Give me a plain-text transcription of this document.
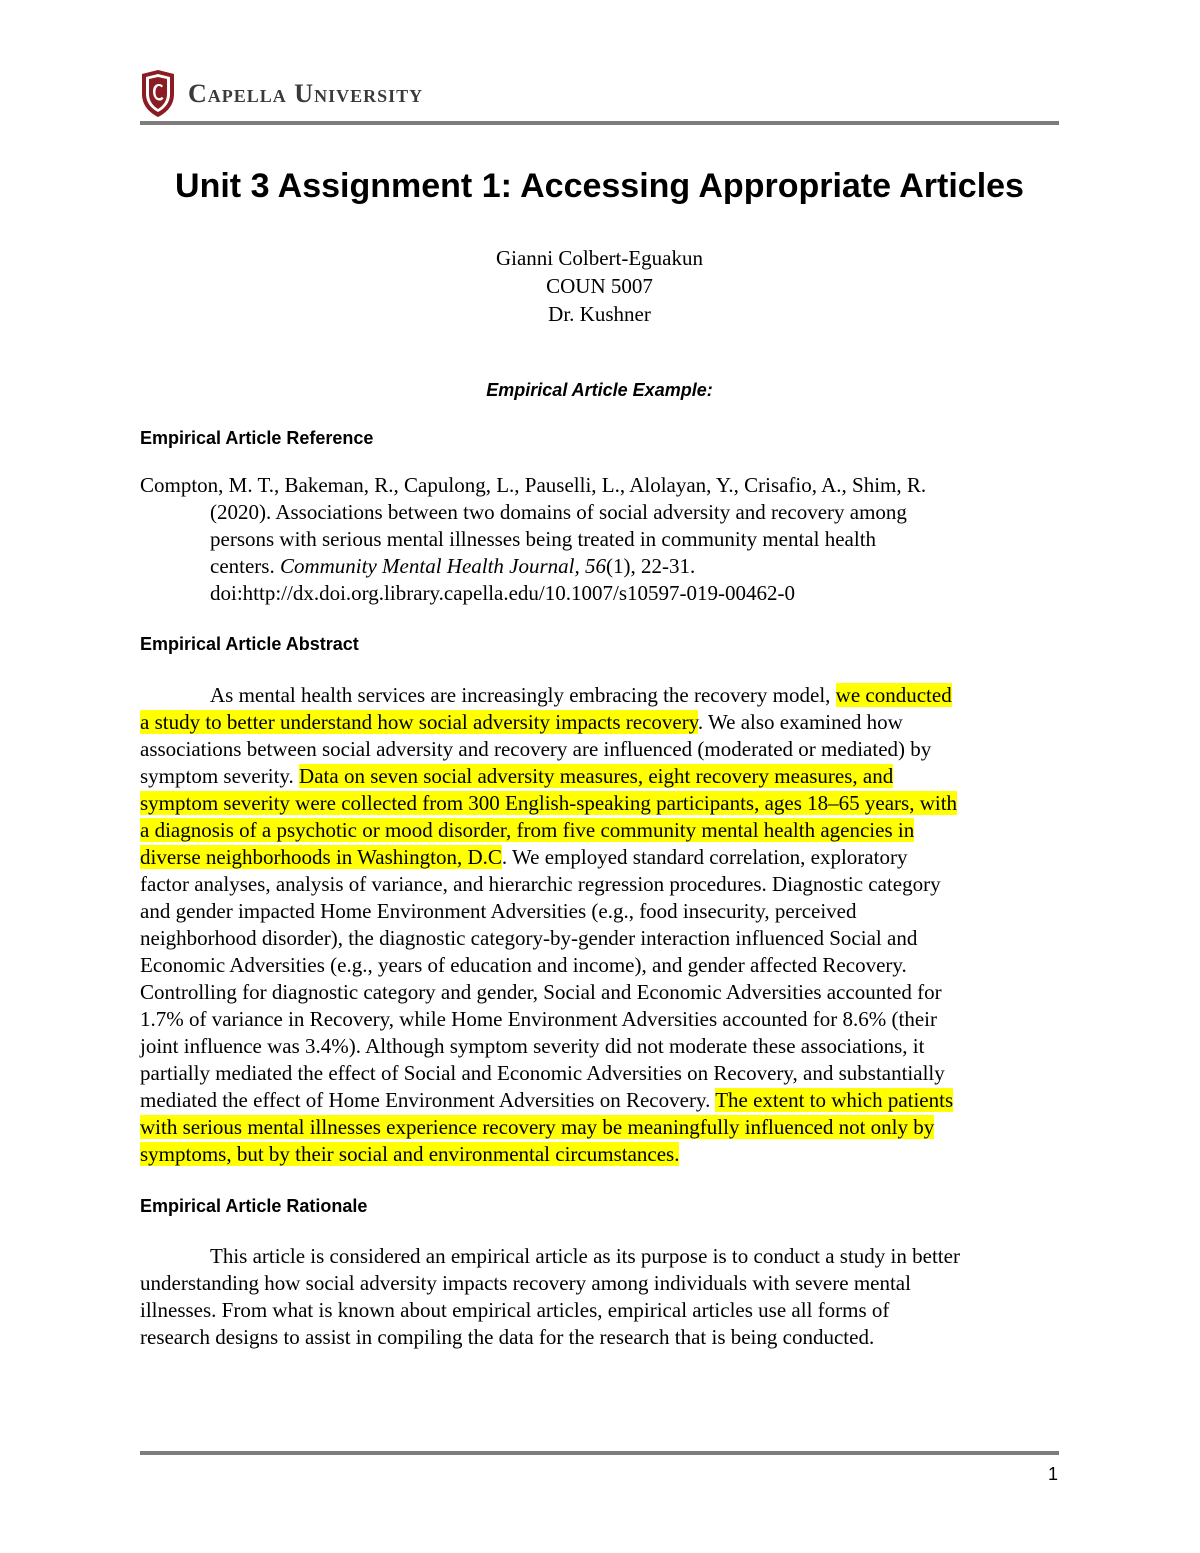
Capella University
Unit 3 Assignment 1: Accessing Appropriate Articles
Gianni Colbert-Eguakun
COUN 5007
Dr. Kushner
Empirical Article Example:
Empirical Article Reference
Compton, M. T., Bakeman, R., Capulong, L., Pauselli, L., Alolayan, Y., Crisafio, A., Shim, R.
(2020). Associations between two domains of social adversity and recovery among
persons with serious mental illnesses being treated in community mental health
centers. Community Mental Health Journal, 56(1), 22-31.
doi:http://dx.doi.org.library.capella.edu/10.1007/s10597-019-00462-0
Empirical Article Abstract
As mental health services are increasingly embracing the recovery model, we conducted
a study to better understand how social adversity impacts recovery. We also examined how
associations between social adversity and recovery are influenced (moderated or mediated) by
symptom severity. Data on seven social adversity measures, eight recovery measures, and
symptom severity were collected from 300 English-speaking participants, ages 18–65 years, with
a diagnosis of a psychotic or mood disorder, from five community mental health agencies in
diverse neighborhoods in Washington, D.C. We employed standard correlation, exploratory
factor analyses, analysis of variance, and hierarchic regression procedures. Diagnostic category
and gender impacted Home Environment Adversities (e.g., food insecurity, perceived
neighborhood disorder), the diagnostic category-by-gender interaction influenced Social and
Economic Adversities (e.g., years of education and income), and gender affected Recovery.
Controlling for diagnostic category and gender, Social and Economic Adversities accounted for
1.7% of variance in Recovery, while Home Environment Adversities accounted for 8.6% (their
joint influence was 3.4%). Although symptom severity did not moderate these associations, it
partially mediated the effect of Social and Economic Adversities on Recovery, and substantially
mediated the effect of Home Environment Adversities on Recovery. The extent to which patients
with serious mental illnesses experience recovery may be meaningfully influenced not only by
symptoms, but by their social and environmental circumstances.
Empirical Article Rationale
This article is considered an empirical article as its purpose is to conduct a study in better
understanding how social adversity impacts recovery among individuals with severe mental
illnesses. From what is known about empirical articles, empirical articles use all forms of
research designs to assist in compiling the data for the research that is being conducted.
1
